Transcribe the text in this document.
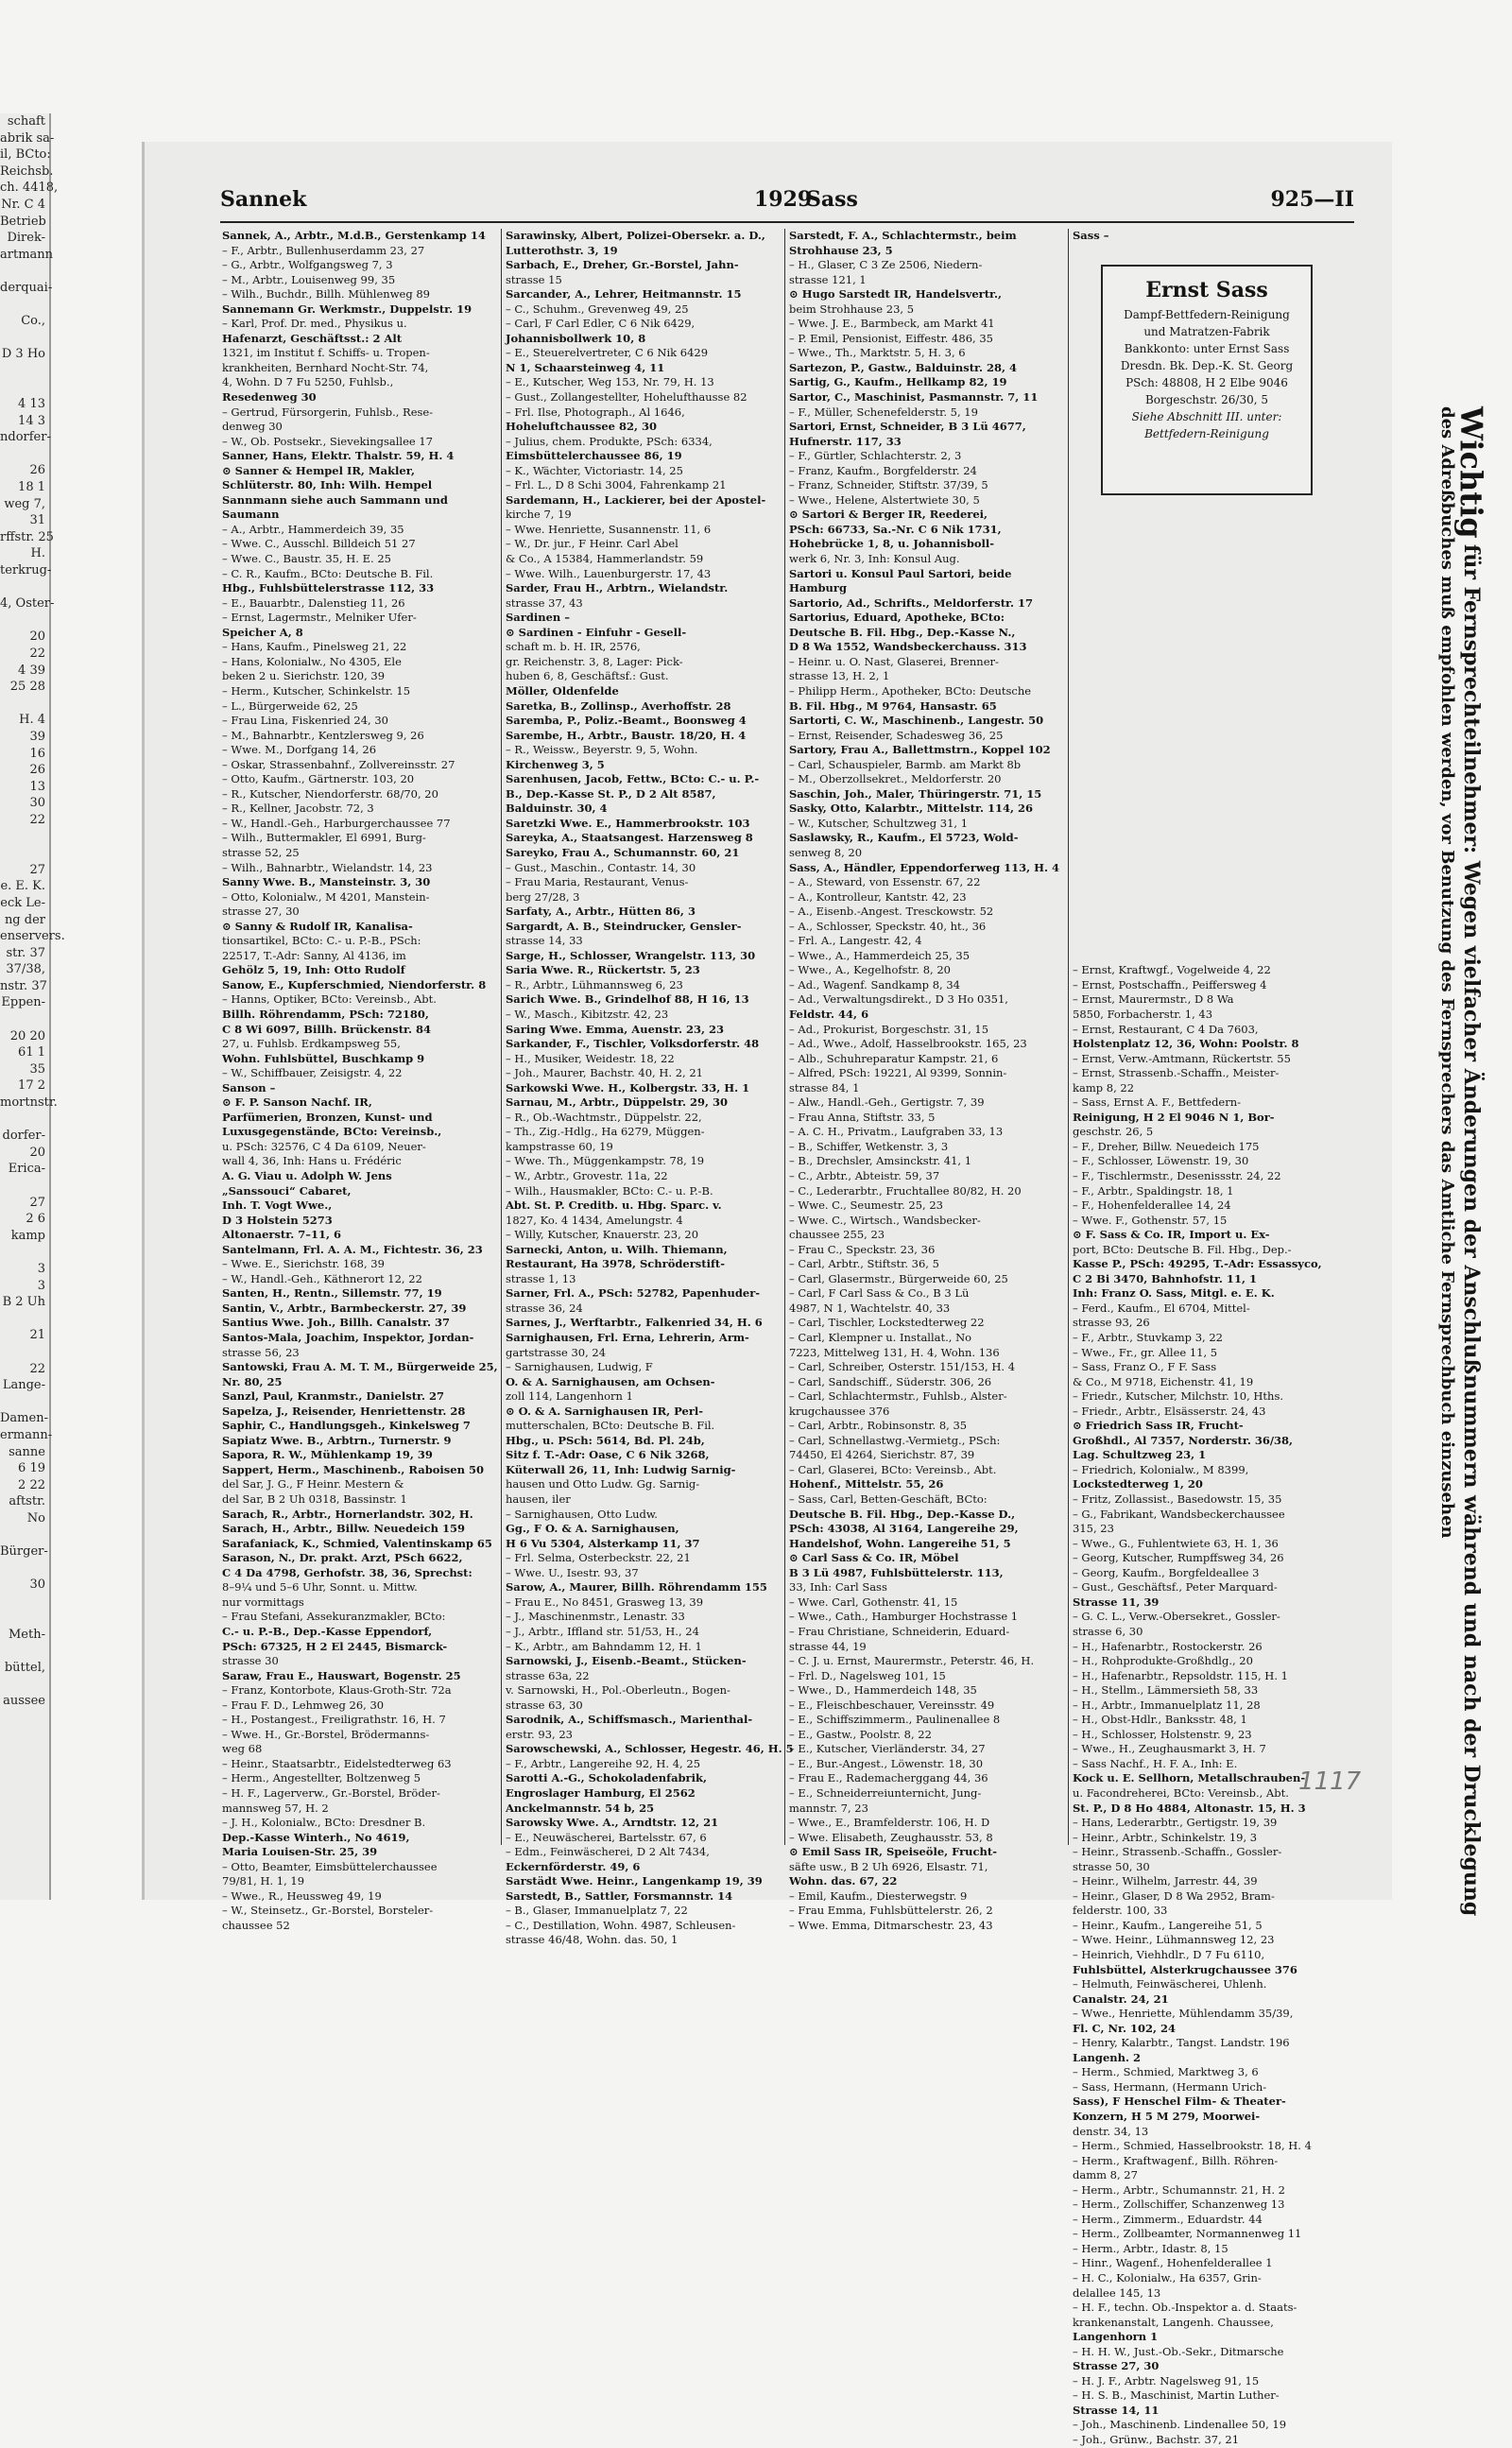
schaft
abrik sa-
il, BCto:
Reichsb.
ch. 4418,
Nr. C 4
Betrieb
Direk-
artmann

derquai-

Co.,

D 3 Ho

4 13
14 3
ndorfer-

26
18 1
weg 7,
31
rffstr. 25
H.
terkrug-

4, Oster-

20
22
4 39
25 28

H. 4
39
16
26
13
30
22

27
e. E. K.
eck Le-
ng der
enservers.
str. 37
37/38,
nstr. 37
Eppen-

20 20
61 1
35
17 2
mortnstr.

dorfer-
20
Erica-

27
2 6
kamp

3
3
B 2 Uh

21

22
Lange-

Damen-
ermann-
sanne
6 19
2 22
aftstr.
No

Bürger-

30

Meth-

büttel,

aussee
Sannek	1929
Sass	925—II
Sannek, A., Arbtr., M.d.B., Gerstenkamp 14
– F., Arbtr., Bullenhuserdamm 23, 27
– G., Arbtr., Wolfgangsweg 7, 3
– M., Arbtr., Louisenweg 99, 35
– Wilh., Buchdr., Billh. Mühlenweg 89
Sannemann Gr. Werkmstr., Duppelstr. 19
– Karl, Prof. Dr. med., Physikus u.
Hafenarzt, Geschäftsst.: 2 Alt
1321, im Institut f. Schiffs- u. Tropen-
krankheiten, Bernhard Nocht-Str. 74,
4, Wohn. D 7 Fu 5250, Fuhlsb.,
Resedenweg 30
– Gertrud, Fürsorgerin, Fuhlsb., Rese-
denweg 30
– W., Ob. Postsekr., Sievekingsallee 17
Sanner, Hans, Elektr. Thalstr. 59, H. 4
⊙ Sanner & Hempel IR, Makler,
Schlüterstr. 80, Inh: Wilh. Hempel
Sannmann siehe auch Sammann und
Saumann
– A., Arbtr., Hammerdeich 39, 35
– Wwe. C., Ausschl. Billdeich 51 27
– Wwe. C., Baustr. 35, H. E. 25
– C. R., Kaufm., BCto: Deutsche B. Fil.
Hbg., Fuhlsbüttelerstrasse 112, 33
– E., Bauarbtr., Dalenstieg 11, 26
– Ernst, Lagermstr., Melniker Ufer-
Speicher A, 8
– Hans, Kaufm., Pinelsweg 21, 22
– Hans, Kolonialw., No 4305, Ele
beken 2 u. Sierichstr. 120, 39
– Herm., Kutscher, Schinkelstr. 15
– L., Bürgerweide 62, 25
– Frau Lina, Fiskenried 24, 30
– M., Bahnarbtr., Kentzlersweg 9, 26
– Wwe. M., Dorfgang 14, 26
– Oskar, Strassenbahnf., Zollvereinsstr. 27
– Otto, Kaufm., Gärtnerstr. 103, 20
– R., Kutscher, Niendorferstr. 68/70, 20
– R., Kellner, Jacobstr. 72, 3
– W., Handl.-Geh., Harburgerchaussee 77
– Wilh., Buttermakler, El 6991, Burg-
strasse 52, 25
– Wilh., Bahnarbtr., Wielandstr. 14, 23
Sanny Wwe. B., Mansteinstr. 3, 30
– Otto, Kolonialw., M 4201, Manstein-
strasse 27, 30
⊙ Sanny & Rudolf IR, Kanalisa-
tionsartikel, BCto: C.- u. P.-B., PSch:
22517, T.-Adr: Sanny, Al 4136, im
Gehölz 5, 19, Inh: Otto Rudolf
Sanow, E., Kupferschmied, Niendorferstr. 8
– Hanns, Optiker, BCto: Vereinsb., Abt.
Billh. Röhrendamm, PSch: 72180,
C 8 Wi 6097, Billh. Brückenstr. 84
27, u. Fuhlsb. Erdkampsweg 55,
Wohn. Fuhlsbüttel, Buschkamp 9
– W., Schiffbauer, Zeisigstr. 4, 22
Sanson –
⊙ F. P. Sanson Nachf. IR,
Parfümerien, Bronzen, Kunst- und
Luxusgegenstände, BCto: Vereinsb.,
u. PSch: 32576, C 4 Da 6109, Neuer-
wall 4, 36, Inh: Hans u. Frédéric
A. G. Viau u. Adolph W. Jens
„Sanssouci“ Cabaret,
Inh. T. Vogt Wwe.,
D 3 Holstein 5273
Altonaerstr. 7–11, 6
Santelmann, Frl. A. A. M., Fichtestr. 36, 23
– Wwe. E., Sierichstr. 168, 39
– W., Handl.-Geh., Käthnerort 12, 22
Santen, H., Rentn., Sillemstr. 77, 19
Santin, V., Arbtr., Barmbeckerstr. 27, 39
Santius Wwe. Joh., Billh. Canalstr. 37
Santos-Mala, Joachim, Inspektor, Jordan-
strasse 56, 23
Santowski, Frau A. M. T. M., Bürgerweide 25,
Nr. 80, 25
Sanzl, Paul, Kranmstr., Danielstr. 27
Sapelza, J., Reisender, Henriettenstr. 28
Saphir, C., Handlungsgeh., Kinkelsweg 7
Sapiatz Wwe. B., Arbtrn., Turnerstr. 9
Sapora, R. W., Mühlenkamp 19, 39
Sappert, Herm., Maschinenb., Raboisen 50
del Sar, J. G., F Heinr. Mestern &
del Sar, B 2 Uh 0318, Bassinstr. 1
Sarach, R., Arbtr., Hornerlandstr. 302, H.
Sarach, H., Arbtr., Billw. Neuedeich 159
Sarafaniack, K., Schmied, Valentinskamp 65
Sarason, N., Dr. prakt. Arzt, PSch 6622,
C 4 Da 4798, Gerhofstr. 38, 36, Sprechst:
8–9¼ und 5–6 Uhr, Sonnt. u. Mittw.
nur vormittags
– Frau Stefani, Assekuranzmakler, BCto:
C.- u. P.-B., Dep.-Kasse Eppendorf,
PSch: 67325, H 2 El 2445, Bismarck-
strasse 30
Saraw, Frau E., Hauswart, Bogenstr. 25
– Franz, Kontorbote, Klaus-Groth-Str. 72a
– Frau F. D., Lehmweg 26, 30
– H., Postangest., Freiligrathstr. 16, H. 7
– Wwe. H., Gr.-Borstel, Brödermanns-
weg 68
– Heinr., Staatsarbtr., Eidelstedterweg 63
– Herm., Angestellter, Boltzenweg 5
– H. F., Lagerverw., Gr.-Borstel, Bröder-
mannsweg 57, H. 2
– J. H., Kolonialw., BCto: Dresdner B.
Dep.-Kasse Winterh., No 4619,
Maria Louisen-Str. 25, 39
– Otto, Beamter, Eimsbüttelerchaussee
79/81, H. 1, 19
– Wwe., R., Heussweg 49, 19
– W., Steinsetz., Gr.-Borstel, Borsteler-
chaussee 52
Sarawinsky, Albert, Polizei-Obersekr. a. D.,
Lutterothstr. 3, 19
Sarbach, E., Dreher, Gr.-Borstel, Jahn-
strasse 15
Sarcander, A., Lehrer, Heitmannstr. 15
– C., Schuhm., Grevenweg 49, 25
– Carl, F Carl Edler, C 6 Nik 6429,
Johannisbollwerk 10, 8
– E., Steuerelvertreter, C 6 Nik 6429
N 1, Schaarsteinweg 4, 11
– E., Kutscher, Weg 153, Nr. 79, H. 13
– Gust., Zollangestellter, Hohelufthausse 82
– Frl. Ilse, Photograph., Al 1646,
Hoheluftchaussee 82, 30
– Julius, chem. Produkte, PSch: 6334,
Eimsbüttelerchaussee 86, 19
– K., Wächter, Victoriastr. 14, 25
– Frl. L., D 8 Schi 3004, Fahrenkamp 21
Sardemann, H., Lackierer, bei der Apostel-
kirche 7, 19
– Wwe. Henriette, Susannenstr. 11, 6
– W., Dr. jur., F Heinr. Carl Abel
& Co., A 15384, Hammerlandstr. 59
– Wwe. Wilh., Lauenburgerstr. 17, 43
Sarder, Frau H., Arbtrn., Wielandstr.
strasse 37, 43
Sardinen –
⊙ Sardinen - Einfuhr - Gesell-
schaft m. b. H. IR, 2576,
gr. Reichenstr. 3, 8, Lager: Pick-
huben 6, 8, Geschäftsf.: Gust.
Möller, Oldenfelde
Saretka, B., Zollinsp., Averhoffstr. 28
Saremba, P., Poliz.-Beamt., Boonsweg 4
Sarembe, H., Arbtr., Baustr. 18/20, H. 4
– R., Weissw., Beyerstr. 9, 5, Wohn.
Kirchenweg 3, 5
Sarenhusen, Jacob, Fettw., BCto: C.- u. P.-
B., Dep.-Kasse St. P., D 2 Alt 8587,
Balduinstr. 30, 4
Saretzki Wwe. E., Hammerbrookstr. 103
Sareyka, A., Staatsangest. Harzensweg 8
Sareyko, Frau A., Schumannstr. 60, 21
– Gust., Maschin., Contastr. 14, 30
– Frau Maria, Restaurant, Venus-
berg 27/28, 3
Sarfaty, A., Arbtr., Hütten 86, 3
Sargardt, A. B., Steindrucker, Gensler-
strasse 14, 33
Sarge, H., Schlosser, Wrangelstr. 113, 30
Saria Wwe. R., Rückertstr. 5, 23
– R., Arbtr., Lühmannsweg 6, 23
Sarich Wwe. B., Grindelhof 88, H 16, 13
– W., Masch., Kibitzstr. 42, 23
Saring Wwe. Emma, Auenstr. 23, 23
Sarkander, F., Tischler, Volksdorferstr. 48
– H., Musiker, Weidestr. 18, 22
– Joh., Maurer, Bachstr. 40, H. 2, 21
Sarkowski Wwe. H., Kolbergstr. 33, H. 1
Sarnau, M., Arbtr., Düppelstr. 29, 30
– R., Ob.-Wachtmstr., Düppelstr. 22,
– Th., Zig.-Hdlg., Ha 6279, Müggen-
kampstrasse 60, 19
– Wwe. Th., Müggenkampstr. 78, 19
– W., Arbtr., Grovestr. 11a, 22
– Wilh., Hausmakler, BCto: C.- u. P.-B.
Abt. St. P. Creditb. u. Hbg. Sparc. v.
1827, Ko. 4 1434, Amelungstr. 4
– Willy, Kutscher, Knauerstr. 23, 20
Sarnecki, Anton, u. Wilh. Thiemann,
Restaurant, Ha 3978, Schröderstift-
strasse 1, 13
Sarner, Frl. A., PSch: 52782, Papenhuder-
strasse 36, 24
Sarnes, J., Werftarbtr., Falkenried 34, H. 6
Sarnighausen, Frl. Erna, Lehrerin, Arm-
gartstrasse 30, 24
– Sarnighausen, Ludwig, F
O. & A. Sarnighausen, am Ochsen-
zoll 114, Langenhorn 1
⊙ O. & A. Sarnighausen IR, Perl-
mutterschalen, BCto: Deutsche B. Fil.
Hbg., u. PSch: 5614, Bd. Pl. 24b,
Sitz f. T.-Adr: Oase, C 6 Nik 3268,
Küterwall 26, 11, Inh: Ludwig Sarnig-
hausen und Otto Ludw. Gg. Sarnig-
hausen, iler
– Sarnighausen, Otto Ludw.
Gg., F O. & A. Sarnighausen,
H 6 Vu 5304, Alsterkamp 11, 37
– Frl. Selma, Osterbeckstr. 22, 21
– Wwe. U., Isestr. 93, 37
Sarow, A., Maurer, Billh. Röhrendamm 155
– Frau E., No 8451, Grasweg 13, 39
– J., Maschinenmstr., Lenastr. 33
– J., Arbtr., Iffland str. 51/53, H., 24
– K., Arbtr., am Bahndamm 12, H. 1
Sarnowski, J., Eisenb.-Beamt., Stücken-
strasse 63a, 22
v. Sarnowski, H., Pol.-Oberleutn., Bogen-
strasse 63, 30
Sarodnik, A., Schiffsmasch., Marienthal-
erstr. 93, 23
Sarowschewski, A., Schlosser, Hegestr. 46, H. 5
– F., Arbtr., Langereihe 92, H. 4, 25
Sarotti A.-G., Schokoladenfabrik,
Engroslager Hamburg, El 2562
Anckelmannstr. 54 b, 25
Sarowsky Wwe. A., Arndtstr. 12, 21
– E., Neuwäscherei, Bartelsstr. 67, 6
– Edm., Feinwäscherei, D 2 Alt 7434,
Eckernförderstr. 49, 6
Sarstädt Wwe. Heinr., Langenkamp 19, 39
Sarstedt, B., Sattler, Forsmannstr. 14
– B., Glaser, Immanuelplatz 7, 22
– C., Destillation, Wohn. 4987, Schleusen-
strasse 46/48, Wohn. das. 50, 1
Sarstedt, F. A., Schlachtermstr., beim
Strohhause 23, 5
– H., Glaser, C 3 Ze 2506, Niedern-
strasse 121, 1
⊙ Hugo Sarstedt IR, Handelsvertr.,
beim Strohhause 23, 5
– Wwe. J. E., Barmbeck, am Markt 41
– P. Emil, Pensionist, Eiffestr. 486, 35
– Wwe., Th., Marktstr. 5, H. 3, 6
Sartezon, P., Gastw., Balduinstr. 28, 4
Sartig, G., Kaufm., Hellkamp 82, 19
Sartor, C., Maschinist, Pasmannstr. 7, 11
– F., Müller, Schenefelderstr. 5, 19
Sartori, Ernst, Schneider, B 3 Lü 4677,
Hufnerstr. 117, 33
– F., Gürtler, Schlachterstr. 2, 3
– Franz, Kaufm., Borgfelderstr. 24
– Franz, Schneider, Stiftstr. 37/39, 5
– Wwe., Helene, Alstertwiete 30, 5
⊙ Sartori & Berger IR, Reederei,
PSch: 66733, Sa.-Nr. C 6 Nik 1731,
Hohebrücke 1, 8, u. Johannisboll-
werk 6, Nr. 3, Inh: Konsul Aug.
Sartori u. Konsul Paul Sartori, beide
Hamburg
Sartorio, Ad., Schrifts., Meldorferstr. 17
Sartorius, Eduard, Apotheke, BCto:
Deutsche B. Fil. Hbg., Dep.-Kasse N.,
D 8 Wa 1552, Wandsbeckerchauss. 313
– Heinr. u. O. Nast, Glaserei, Brenner-
strasse 13, H. 2, 1
– Philipp Herm., Apotheker, BCto: Deutsche
B. Fil. Hbg., M 9764, Hansastr. 65
Sartorti, C. W., Maschinenb., Langestr. 50
– Ernst, Reisender, Schadesweg 36, 25
Sartory, Frau A., Ballettmstrn., Koppel 102
– Carl, Schauspieler, Barmb. am Markt 8b
– M., Oberzollsekret., Meldorferstr. 20
Saschin, Joh., Maler, Thüringerstr. 71, 15
Sasky, Otto, Kalarbtr., Mittelstr. 114, 26
– W., Kutscher, Schultzweg 31, 1
Saslawsky, R., Kaufm., El 5723, Wold-
senweg 8, 20
Sass, A., Händler, Eppendorferweg 113, H. 4
– A., Steward, von Essenstr. 67, 22
– A., Kontrolleur, Kantstr. 42, 23
– A., Eisenb.-Angest. Tresckowstr. 52
– A., Schlosser, Speckstr. 40, ht., 36
– Frl. A., Langestr. 42, 4
– Wwe., A., Hammerdeich 25, 35
– Wwe., A., Kegelhofstr. 8, 20
– Ad., Wagenf. Sandkamp 8, 34
– Ad., Verwaltungsdirekt., D 3 Ho 0351,
Feldstr. 44, 6
– Ad., Prokurist, Borgeschstr. 31, 15
– Ad., Wwe., Adolf, Hasselbrookstr. 165, 23
– Alb., Schuhreparatur Kampstr. 21, 6
– Alfred, PSch: 19221, Al 9399, Sonnin-
strasse 84, 1
– Alw., Handl.-Geh., Gertigstr. 7, 39
– Frau Anna, Stiftstr. 33, 5
– A. C. H., Privatm., Laufgraben 33, 13
– B., Schiffer, Wetkenstr. 3, 3
– B., Drechsler, Amsinckstr. 41, 1
– C., Arbtr., Abteistr. 59, 37
– C., Lederarbtr., Fruchtallee 80/82, H. 20
– Wwe. C., Seumestr. 25, 23
– Wwe. C., Wirtsch., Wandsbecker-
chaussee 255, 23
– Frau C., Speckstr. 23, 36
– Carl, Arbtr., Stiftstr. 36, 5
– Carl, Glasermstr., Bürgerweide 60, 25
– Carl, F Carl Sass & Co., B 3 Lü
4987, N 1, Wachtelstr. 40, 33
– Carl, Tischler, Lockstedterweg 22
– Carl, Klempner u. Installat., No
7223, Mittelweg 131, H. 4, Wohn. 136
– Carl, Schreiber, Osterstr. 151/153, H. 4
– Carl, Sandschiff., Süderstr. 306, 26
– Carl, Schlachtermstr., Fuhlsb., Alster-
krugchaussee 376
– Carl, Arbtr., Robinsonstr. 8, 35
– Carl, Schnellastwg.-Vermietg., PSch:
74450, El 4264, Sierichstr. 87, 39
– Carl, Glaserei, BCto: Vereinsb., Abt.
Hohenf., Mittelstr. 55, 26
– Sass, Carl, Betten-Geschäft, BCto:
Deutsche B. Fil. Hbg., Dep.-Kasse D.,
PSch: 43038, Al 3164, Langereihe 29,
Handelshof, Wohn. Langereihe 51, 5
⊙ Carl Sass & Co. IR, Möbel
B 3 Lü 4987, Fuhlsbüttelerstr. 113,
33, Inh: Carl Sass
– Wwe. Carl, Gothenstr. 41, 15
– Wwe., Cath., Hamburger Hochstrasse 1
– Frau Christiane, Schneiderin, Eduard-
strasse 44, 19
– C. J. u. Ernst, Maurermstr., Peterstr. 46, H.
– Frl. D., Nagelsweg 101, 15
– Wwe., D., Hammerdeich 148, 35
– E., Fleischbeschauer, Vereinsstr. 49
– E., Schiffszimmerm., Paulinenallee 8
– E., Gastw., Poolstr. 8, 22
– E., Kutscher, Vierländerstr. 34, 27
– E., Bur.-Angest., Löwenstr. 18, 30
– Frau E., Rademacherggang 44, 36
– E., Schneiderreiunternicht, Jung-
mannstr. 7, 23
– Wwe., E., Bramfelderstr. 106, H. D
– Wwe. Elisabeth, Zeughausstr. 53, 8
⊙ Emil Sass IR, Speiseöle, Frucht-
säfte usw., B 2 Uh 6926, Elsastr. 71,
Wohn. das. 67, 22
– Emil, Kaufm., Diesterwegstr. 9
– Frau Emma, Fuhlsbüttelerstr. 26, 2
– Wwe. Emma, Ditmarschestr. 23, 43
Sass –

– Ernst, Kraftwgf., Vogelweide 4, 22
– Ernst, Postschaffn., Peiffersweg 4
– Ernst, Maurermstr., D 8 Wa
5850, Forbacherstr. 1, 43
– Ernst, Restaurant, C 4 Da 7603,
Holstenplatz 12, 36, Wohn: Poolstr. 8
– Ernst, Verw.-Amtmann, Rückertstr. 55
– Ernst, Strassenb.-Schaffn., Meister-
kamp 8, 22
– Sass, Ernst A. F., Bettfedern-
Reinigung, H 2 El 9046 N 1, Bor-
geschstr. 26, 5
– F., Dreher, Billw. Neuedeich 175
– F., Schlosser, Löwenstr. 19, 30
– F., Tischlermstr., Desenissstr. 24, 22
– F., Arbtr., Spaldingstr. 18, 1
– F., Hohenfelderallee 14, 24
– Wwe. F., Gothenstr. 57, 15
⊙ F. Sass & Co. IR, Import u. Ex-
port, BCto: Deutsche B. Fil. Hbg., Dep.-
Kasse P., PSch: 49295, T.-Adr: Essassyco,
C 2 Bi 3470, Bahnhofstr. 11, 1
Inh: Franz O. Sass, Mitgl. e. E. K.
– Ferd., Kaufm., El 6704, Mittel-
strasse 93, 26
– F., Arbtr., Stuvkamp 3, 22
– Wwe., Fr., gr. Allee 11, 5
– Sass, Franz O., F F. Sass
& Co., M 9718, Eichenstr. 41, 19
– Friedr., Kutscher, Milchstr. 10, Hths.
– Friedr., Arbtr., Elsässerstr. 24, 43
⊙ Friedrich Sass IR, Frucht-
Großhdl., Al 7357, Norderstr. 36/38,
Lag. Schultzweg 23, 1
– Friedrich, Kolonialw., M 8399,
Lockstedterweg 1, 20
– Fritz, Zollassist., Basedowstr. 15, 35
– G., Fabrikant, Wandsbeckerchaussee
315, 23
– Wwe., G., Fuhlentwiete 63, H. 1, 36
– Georg, Kutscher, Rumpffsweg 34, 26
– Georg, Kaufm., Borgfeldeallee 3
– Gust., Geschäftsf., Peter Marquard-
Strasse 11, 39
– G. C. L., Verw.-Obersekret., Gossler-
strasse 6, 30
– H., Hafenarbtr., Rostockerstr. 26
– H., Rohprodukte-Großhdlg., 20
– H., Hafenarbtr., Repsoldstr. 115, H. 1
– H., Stellm., Lämmersieth 58, 33
– H., Arbtr., Immanuelplatz 11, 28
– H., Obst-Hdlr., Banksstr. 48, 1
– H., Schlosser, Holstenstr. 9, 23
– Wwe., H., Zeughausmarkt 3, H. 7
– Sass Nachf., H. F. A., Inh: E.
Kock u. E. Sellhorn, Metallschrauben-
u. Facondreherei, BCto: Vereinsb., Abt.
St. P., D 8 Ho 4884, Altonastr. 15, H. 3
– Hans, Lederarbtr., Gertigstr. 19, 39
– Heinr., Arbtr., Schinkelstr. 19, 3
– Heinr., Strassenb.-Schaffn., Gossler-
strasse 50, 30
– Heinr., Wilhelm, Jarrestr. 44, 39
– Heinr., Glaser, D 8 Wa 2952, Bram-
felderstr. 100, 33
– Heinr., Kaufm., Langereihe 51, 5
– Wwe. Heinr., Lühmannsweg 12, 23
– Heinrich, Viehhdlr., D 7 Fu 6110,
Fuhlsbüttel, Alsterkrugchaussee 376
– Helmuth, Feinwäscherei, Uhlenh.
Canalstr. 24, 21
– Wwe., Henriette, Mühlendamm 35/39,
Fl. C, Nr. 102, 24
– Henry, Kalarbtr., Tangst. Landstr. 196
Langenh. 2
– Herm., Schmied, Marktweg 3, 6
– Sass, Hermann, (Hermann Urich-
Sass), F Henschel Film- & Theater-
Konzern, H 5 M 279, Moorwei-
denstr. 34, 13
– Herm., Schmied, Hasselbrookstr. 18, H. 4
– Herm., Kraftwagenf., Billh. Röhren-
damm 8, 27
– Herm., Arbtr., Schumannstr. 21, H. 2
– Herm., Zollschiffer, Schanzenweg 13
– Herm., Zimmerm., Eduardstr. 44
– Herm., Zollbeamter, Normannenweg 11
– Herm., Arbtr., Idastr. 8, 15
– Hinr., Wagenf., Hohenfelderallee 1
– H. C., Kolonialw., Ha 6357, Grin-
delallee 145, 13
– H. F., techn. Ob.-Inspektor a. d. Staats-
krankenanstalt, Langenh. Chaussee,
Langenhorn 1
– H. H. W., Just.-Ob.-Sekr., Ditmarsche
Strasse 27, 30
– H. J. F., Arbtr. Nagelsweg 91, 15
– H. S. B., Maschinist, Martin Luther-
Strasse 14, 11
– Joh., Maschinenb. Lindenallee 50, 19
– Joh., Grünw., Bachstr. 37, 21
Ernst Sass
Dampf-Bettfedern-Reinigung
und Matratzen-Fabrik
Bankkonto: unter Ernst Sass
Dresdn. Bk. Dep.-K. St. Georg
PSch: 48808, H 2 Elbe 9046
Borgeschstr. 26/30, 5
Siehe Abschnitt III. unter:
Bettfedern-Reinigung	Wichtig für Fernsprechteilnehmer: Wegen vielfacher Änderungen der Anschlußnummern während und nach der Drucklegung
des Adreßbuches muß empfohlen werden, vor Benutzung des Fernsprechers das Amtliche Fernsprechbuch einzusehen
1117
